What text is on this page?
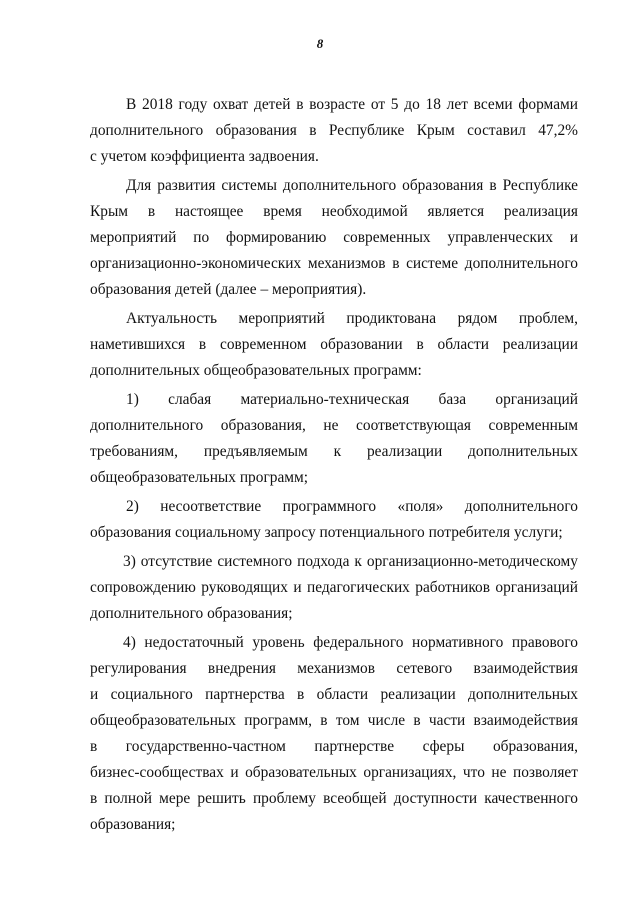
8

В 2018 году охват детей в возрасте от 5 до 18 лет всеми формами
дополнительного образования в Республике Крым составил 47,2%
с учетом коэффициента задвоения.

Для развития системы дополнительного образования в Республике
Крым в настоящее время необходимой является реализация
мероприятий по формированию современных управленческих и
организационно-экономических механизмов в системе дополнительного
образования детей (далее – мероприятия).

Актуальность мероприятий продиктована рядом проблем,
наметившихся в современном образовании в области реализации
дополнительных общеобразовательных программ:

1) слабая материально-техническая база организаций
дополнительного образования, не соответствующая современным
требованиям, предъявляемым к реализации дополнительных
общеобразовательных программ;

2) несоответствие программного «поля» дополнительного
образования социальному запросу потенциального потребителя услуги;

3) отсутствие системного подхода к организационно-методическому
сопровождению руководящих и педагогических работников организаций
дополнительного образования;

4) недостаточный уровень федерального нормативного правового
регулирования внедрения механизмов сетевого взаимодействия
и социального партнерства в области реализации дополнительных
общеобразовательных программ, в том числе в части взаимодействия
в государственно-частном партнерстве сферы образования,
бизнес-сообществах и образовательных организациях, что не позволяет
в полной мере решить проблему всеобщей доступности качественного
образования;
